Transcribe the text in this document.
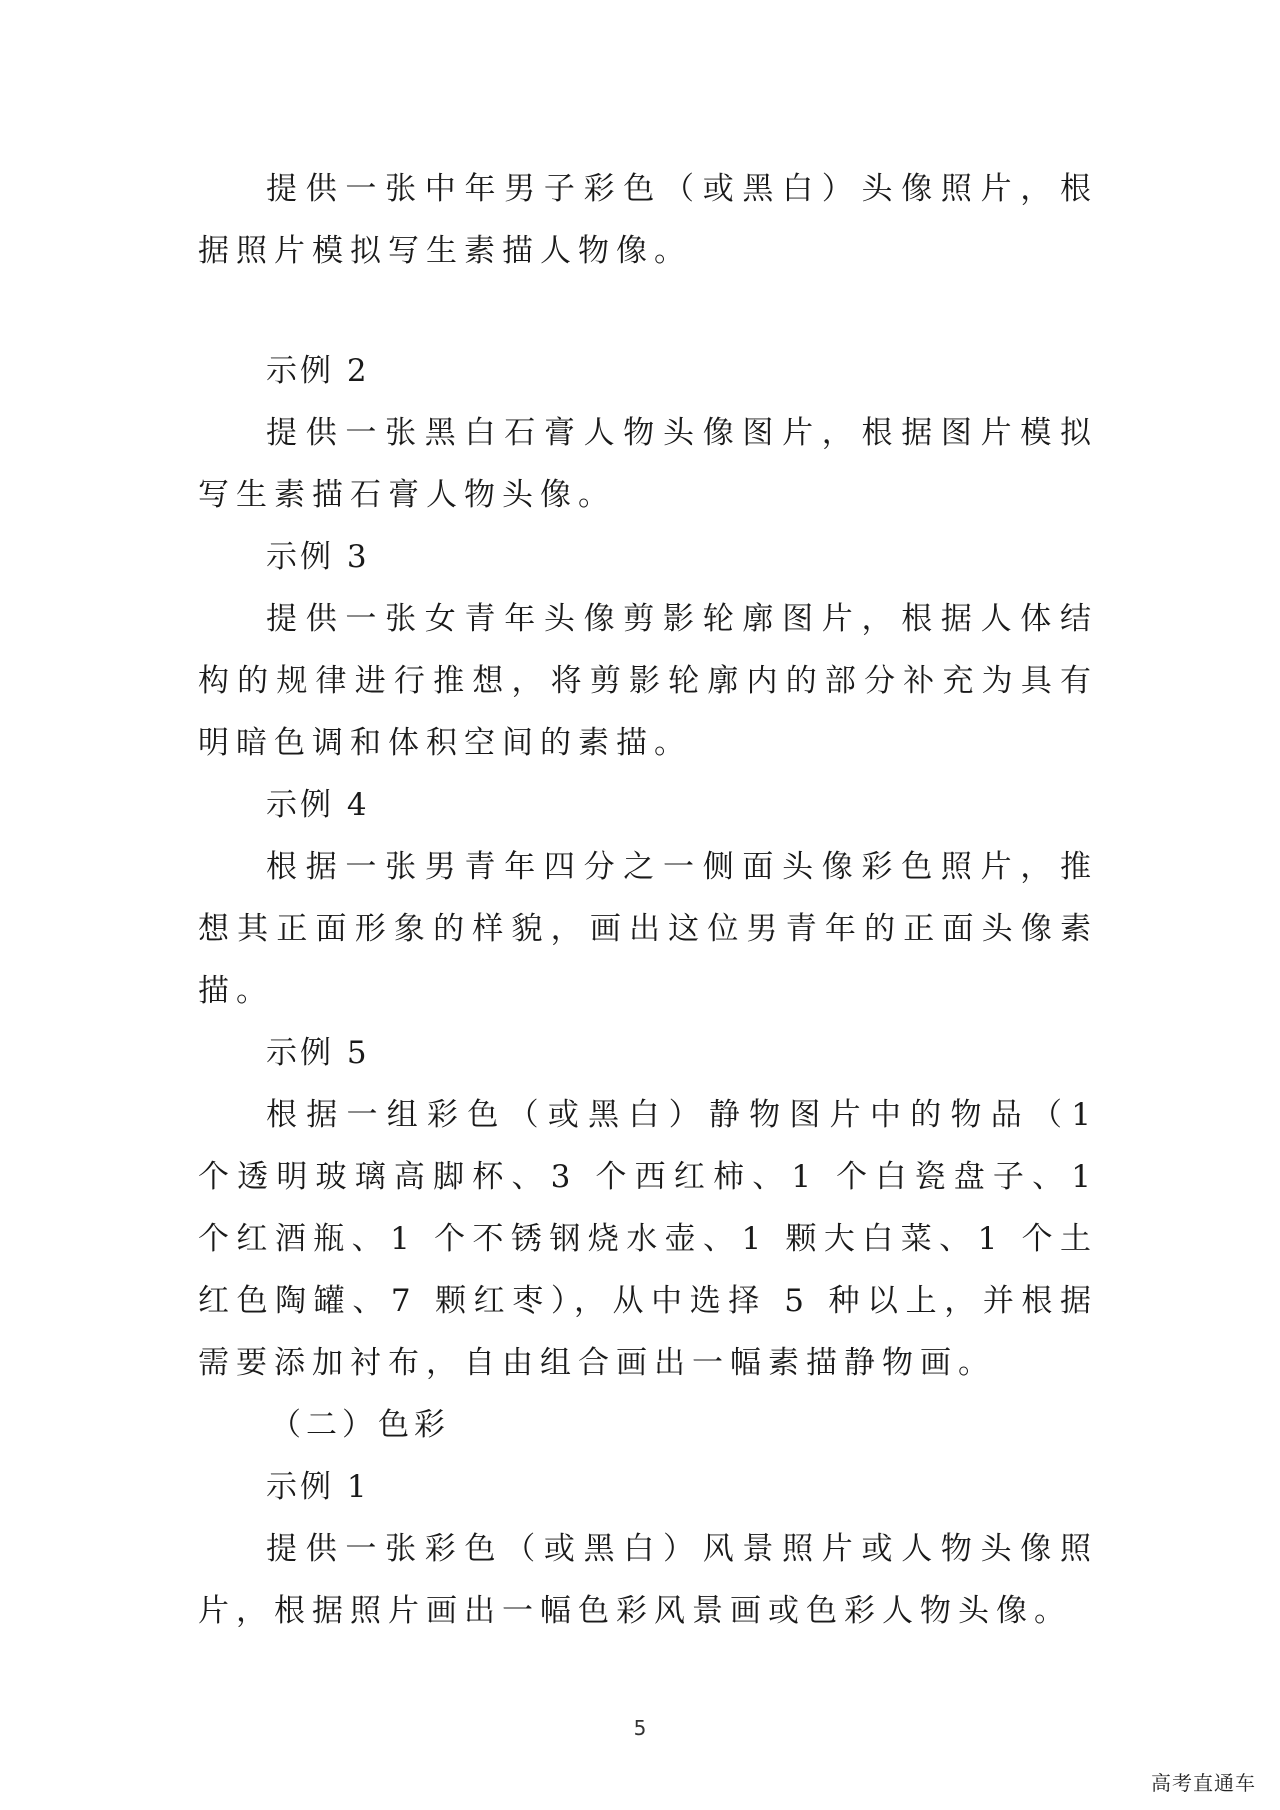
提供一张中年男子彩色（或黑白）头像照片，根据照片模拟写生素描人物像。

示例 2

提供一张黑白石膏人物头像图片，根据图片模拟写生素描石膏人物头像。

示例 3

提供一张女青年头像剪影轮廓图片，根据人体结构的规律进行推想，将剪影轮廓内的部分补充为具有明暗色调和体积空间的素描。

示例 4

根据一张男青年四分之一侧面头像彩色照片，推想其正面形象的样貌，画出这位男青年的正面头像素描。

示例 5

根据一组彩色（或黑白）静物图片中的物品（1 个透明玻璃高脚杯、3 个西红柿、1 个白瓷盘子、1 个红酒瓶、1 个不锈钢烧水壶、1 颗大白菜、1 个土红色陶罐、7 颗红枣），从中选择 5 种以上，并根据需要添加衬布，自由组合画出一幅素描静物画。

（二）色彩

示例 1

提供一张彩色（或黑白）风景照片或人物头像照片，根据照片画出一幅色彩风景画或色彩人物头像。

5
高考直通车
